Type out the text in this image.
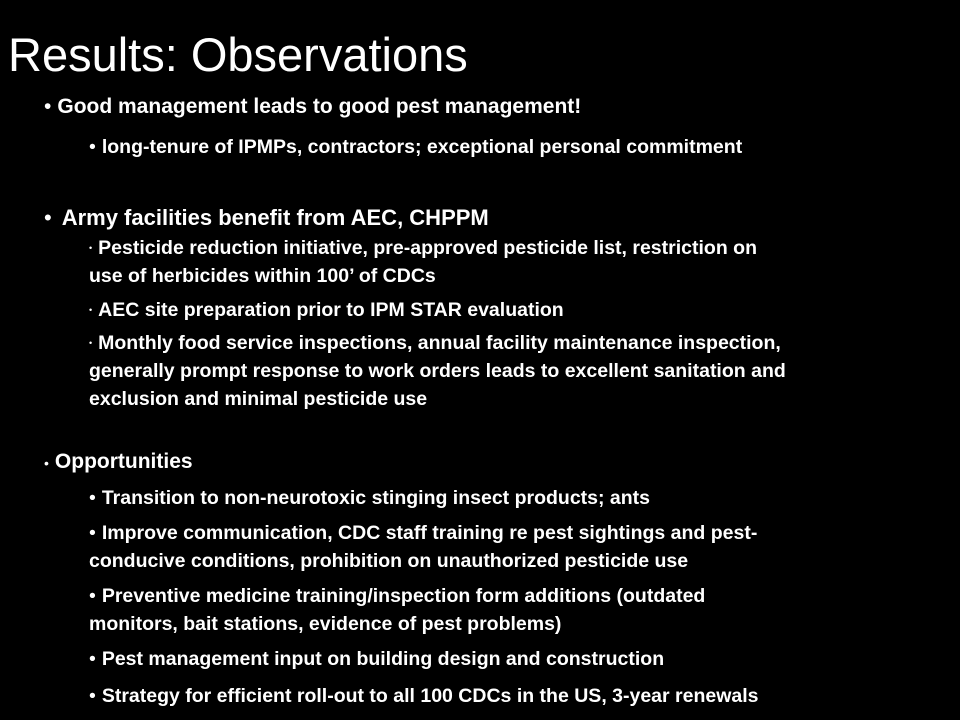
Results: Observations
• Good management leads to good pest management!
• long-tenure of IPMPs, contractors; exceptional personal commitment
• Army facilities benefit from AEC, CHPPM
• Pesticide reduction initiative, pre-approved pesticide list, restriction on
use of herbicides within 100’ of CDCs
• AEC site preparation prior to IPM STAR evaluation
• Monthly food service inspections, annual facility maintenance inspection,
generally prompt response to work orders leads to excellent sanitation and
exclusion and minimal pesticide use
• Opportunities
• Transition to non-neurotoxic stinging insect products; ants
• Improve communication, CDC staff training re pest sightings and pest-
conducive conditions, prohibition on unauthorized pesticide use
• Preventive medicine training/inspection form additions (outdated
monitors, bait stations, evidence of pest problems)
• Pest management input on building design and construction
• Strategy for efficient roll-out to all 100 CDCs in the US, 3-year renewals
